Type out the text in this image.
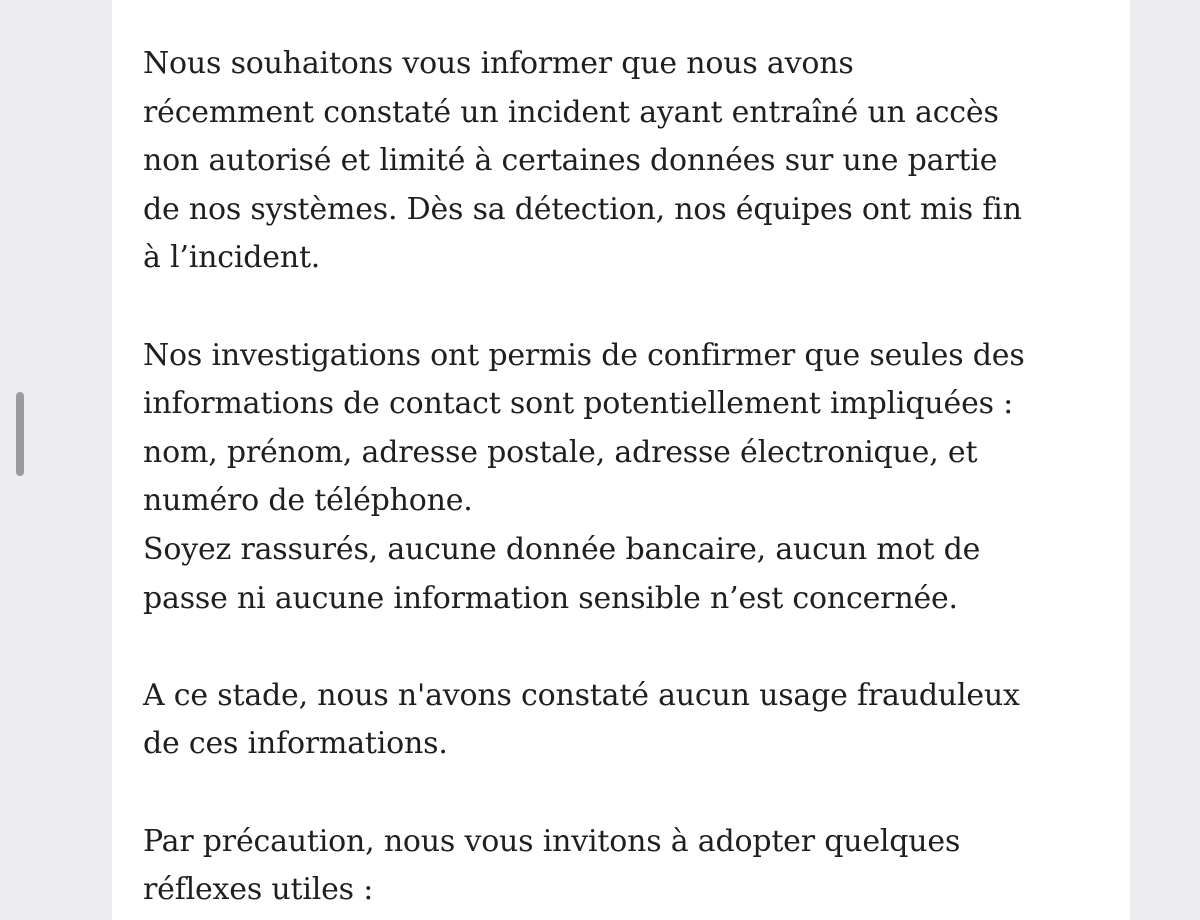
Nous souhaitons vous informer que nous avons
récemment constaté un incident ayant entraîné un accès
non autorisé et limité à certaines données sur une partie
de nos systèmes. Dès sa détection, nos équipes ont mis fin
à l’incident.

Nos investigations ont permis de confirmer que seules des
informations de contact sont potentiellement impliquées :
nom, prénom, adresse postale, adresse électronique, et
numéro de téléphone.

Soyez rassurés, aucune donnée bancaire, aucun mot de
passe ni aucune information sensible n’est concernée.

A ce stade, nous n'avons constaté aucun usage frauduleux
de ces informations.

Par précaution, nous vous invitons à adopter quelques
réflexes utiles :
